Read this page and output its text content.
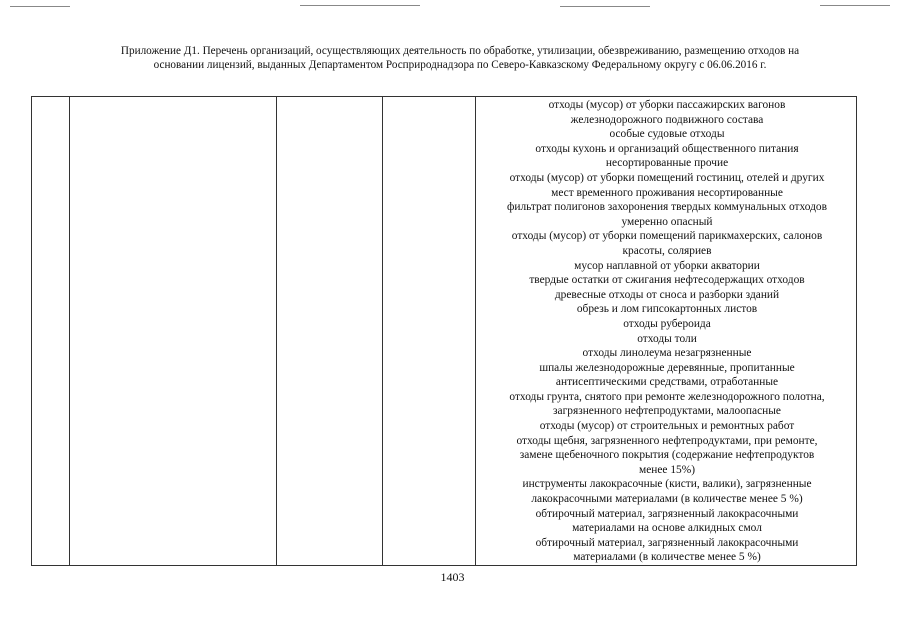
Приложение Д1. Перечень организаций, осуществляющих деятельность по обработке, утилизации, обезвреживанию, размещению отходов на
основании лицензий, выданных Департаментом Росприроднадзора по Северо-Кавказскому Федеральному округу с 06.06.2016 г.
отходы (мусор) от уборки пассажирских вагонов
железнодорожного подвижного состава
особые судовые отходы
отходы кухонь и организаций общественного питания
несортированные прочие
отходы (мусор) от уборки помещений гостиниц, отелей и других
мест временного проживания несортированные
фильтрат полигонов захоронения твердых коммунальных отходов
умеренно опасный
отходы (мусор) от уборки помещений парикмахерских, салонов
красоты, соляриев
мусор наплавной от уборки акватории
твердые остатки от сжигания нефтесодержащих отходов
древесные отходы от сноса и разборки зданий
обрезь и лом гипсокартонных листов
отходы рубероида
отходы толи
отходы линолеума незагрязненные
шпалы железнодорожные деревянные, пропитанные
антисептическими средствами, отработанные
отходы грунта, снятого при ремонте железнодорожного полотна,
загрязненного нефтепродуктами, малоопасные
отходы (мусор) от строительных и ремонтных работ
отходы щебня, загрязненного нефтепродуктами, при ремонте,
замене щебеночного покрытия (содержание нефтепродуктов
менее 15%)
инструменты лакокрасочные (кисти, валики), загрязненные
лакокрасочными материалами (в количестве менее 5 %)
обтирочный материал, загрязненный лакокрасочными
материалами на основе алкидных смол
обтирочный материал, загрязненный лакокрасочными
материалами (в количестве менее 5 %)
1403
